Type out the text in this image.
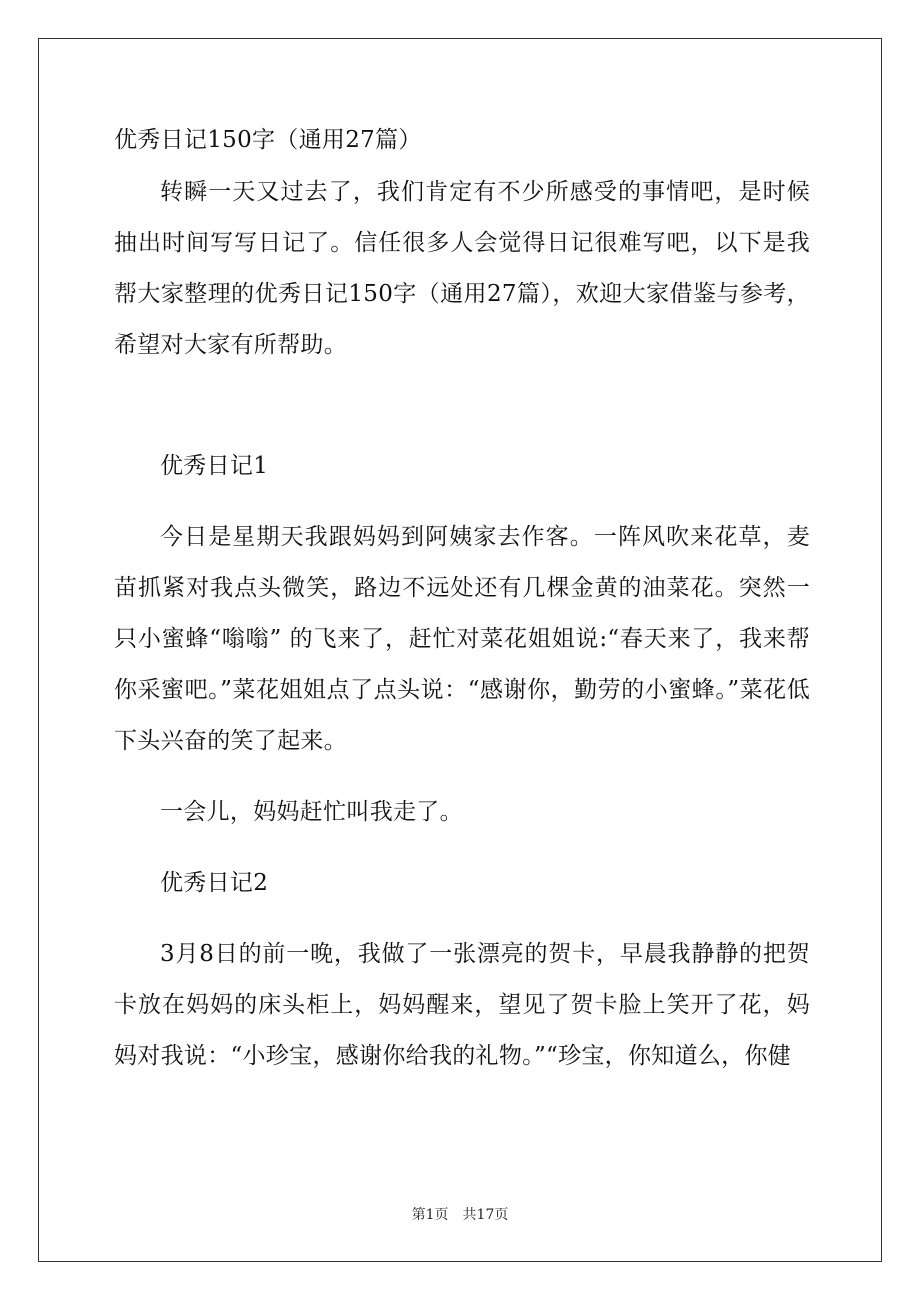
优秀日记150字（通用27篇）

转瞬一天又过去了，我们肯定有不少所感受的事情吧，是时候抽出时间写写日记了。信任很多人会觉得日记很难写吧，以下是我帮大家整理的优秀日记150字（通用27篇），欢迎大家借鉴与参考，希望对大家有所帮助。

优秀日记1

今日是星期天我跟妈妈到阿姨家去作客。一阵风吹来花草，麦苗抓紧对我点头微笑，路边不远处还有几棵金黄的油菜花。突然一只小蜜蜂“嗡嗡” 的飞来了，赶忙对菜花姐姐说:“春天来了，我来帮你采蜜吧。”菜花姐姐点了点头说：“感谢你，勤劳的小蜜蜂。”菜花低下头兴奋的笑了起来。

一会儿，妈妈赶忙叫我走了。

优秀日记2

3月8日的前一晚，我做了一张漂亮的贺卡，早晨我静静的把贺卡放在妈妈的床头柜上，妈妈醒来，望见了贺卡脸上笑开了花，妈妈对我说：“小珍宝，感谢你给我的礼物。”“珍宝，你知道么，你健

第1页 共17页
